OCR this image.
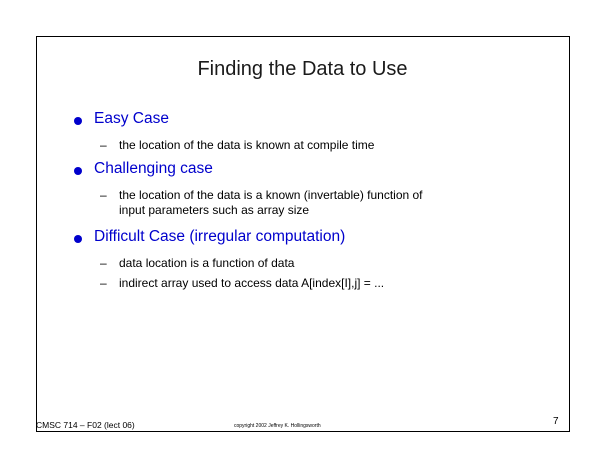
Finding the Data to Use
Easy Case
– the location of the data is known at compile time
Challenging case
– the location of the data is a known (invertable) function of
input parameters such as array size
Difficult Case (irregular computation)
– data location is a function of data
– indirect array used to access data A[index[I],j] = ...
CMSC 714 – F02 (lect 06)	copyright 2002 Jeffrey K. Hollingsworth	7
